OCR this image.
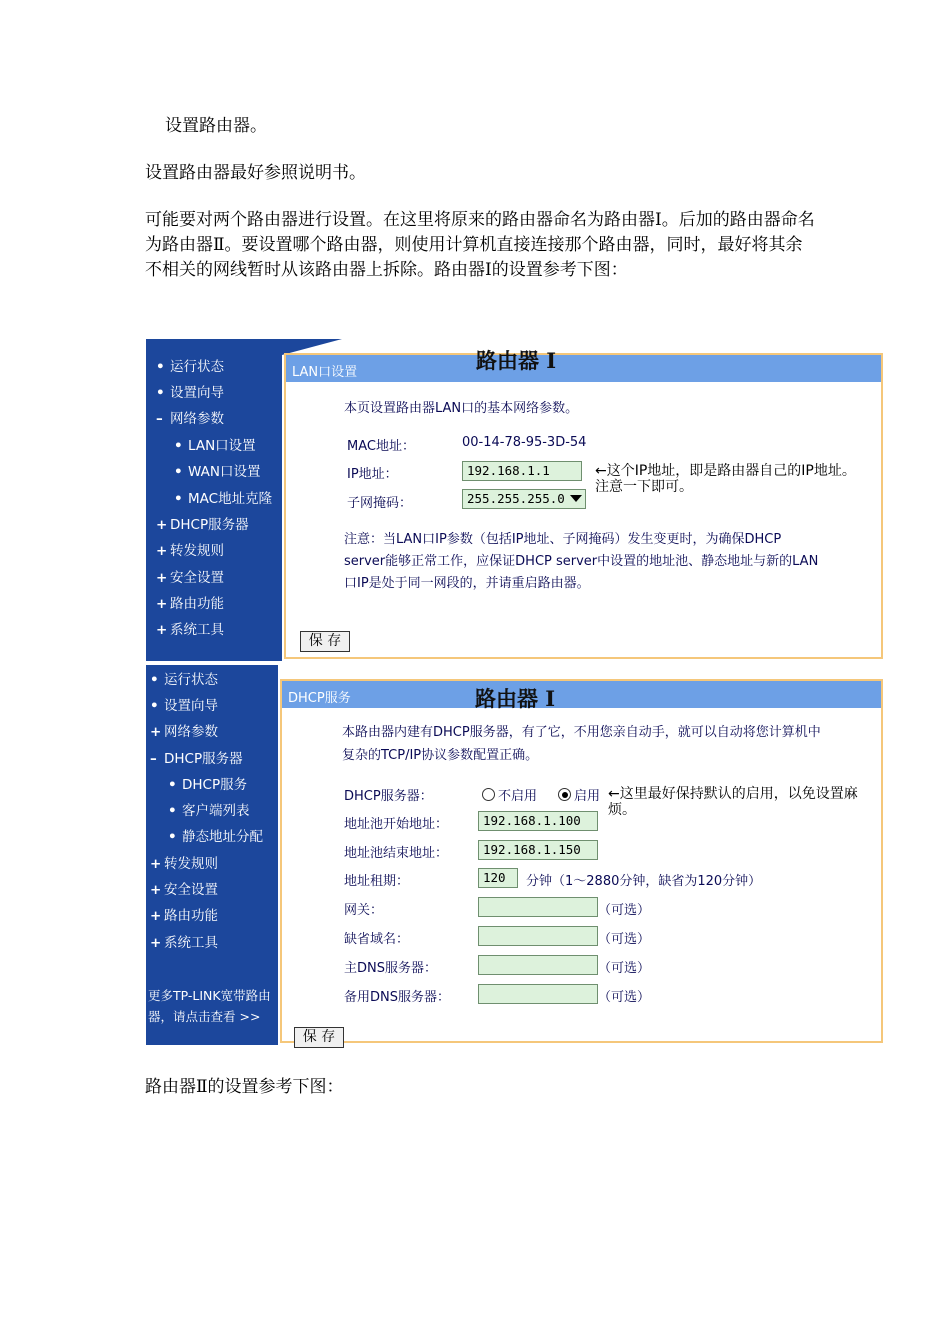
设置路由器。
设置路由器最好参照说明书。
可能要对两个路由器进行设置。在这里将原来的路由器命名为路由器Ⅰ。后加的路由器命名为路由器Ⅱ。要设置哪个路由器，则使用计算机直接连接那个路由器，同时，最好将其余不相关的网线暂时从该路由器上拆除。路由器Ⅰ的设置参考下图：
• 运行状态
• 设置向导
– 网络参数
• LAN口设置
• WAN口设置
• MAC地址克隆
+ DHCP服务器
+ 转发规则
+ 安全设置
+ 路由功能
+ 系统工具
LAN口设置	路由器 I
本页设置路由器LAN口的基本网络参数。
MAC地址：	00-14-78-95-3D-54
IP地址：	192.168.1.1
子网掩码：	255.255.255.0
←这个IP地址，即是路由器自己的IP地址。注意一下即可。
注意：当LAN口IP参数（包括IP地址、子网掩码）发生变更时，为确保DHCP server能够正常工作，应保证DHCP server中设置的地址池、静态地址与新的LAN口IP是处于同一网段的，并请重启路由器。
保 存
• 运行状态
• 设置向导
+ 网络参数
– DHCP服务器
• DHCP服务
• 客户端列表
• 静态地址分配
+ 转发规则
+ 安全设置
+ 路由功能
+ 系统工具
更多TP-LINK宽带路由器，请点击查看 >>
DHCP服务	路由器 I
本路由器内建有DHCP服务器，有了它，不用您亲自动手，就可以自动将您计算机中复杂的TCP/IP协议参数配置正确。
DHCP服务器：	不启用	启用 ←这里最好保持默认的启用，以免设置麻烦。
地址池开始地址：	192.168.1.100
地址池结束地址：	192.168.1.150
地址租期：	120	分钟（1～2880分钟，缺省为120分钟）
网关：	（可选）
缺省域名：	（可选）
主DNS服务器：	（可选）
备用DNS服务器：	（可选）
保 存
路由器Ⅱ的设置参考下图：
